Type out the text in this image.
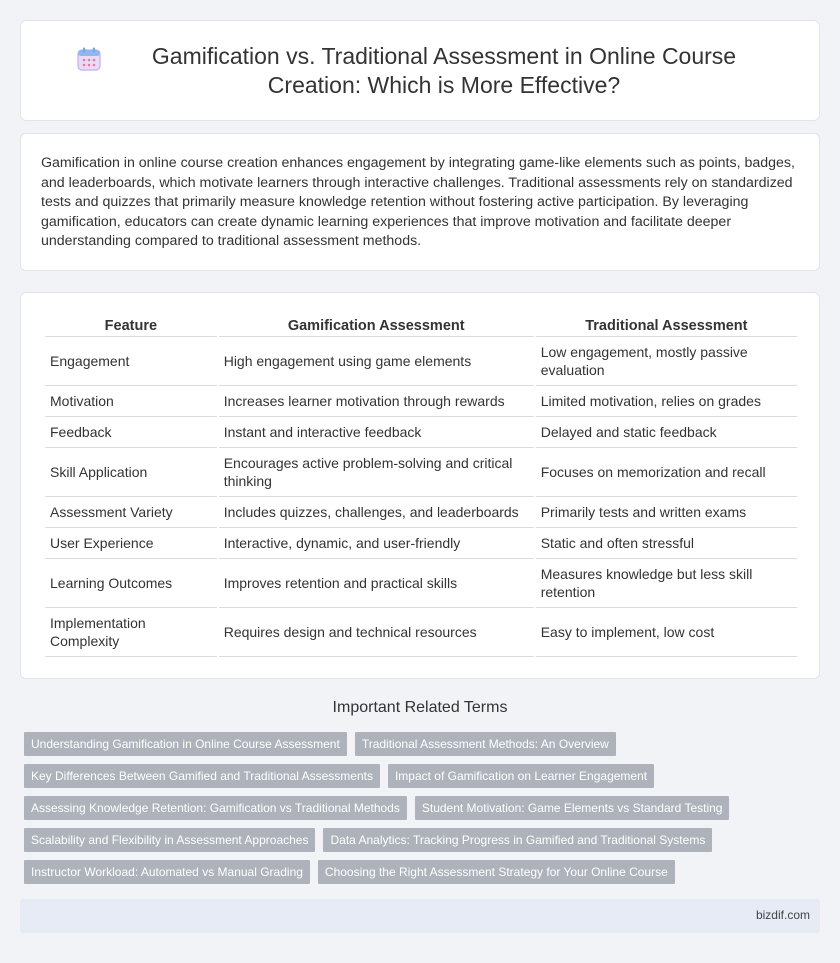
Gamification vs. Traditional Assessment in Online Course Creation: Which is More Effective?

Gamification in online course creation enhances engagement by integrating game-like elements such as points, badges, and leaderboards, which motivate learners through interactive challenges. Traditional assessments rely on standardized tests and quizzes that primarily measure knowledge retention without fostering active participation. By leveraging gamification, educators can create dynamic learning experiences that improve motivation and facilitate deeper understanding compared to traditional assessment methods.

Feature	Gamification Assessment	Traditional Assessment
Engagement	High engagement using game elements	Low engagement, mostly passive evaluation
Motivation	Increases learner motivation through rewards	Limited motivation, relies on grades
Feedback	Instant and interactive feedback	Delayed and static feedback
Skill Application	Encourages active problem-solving and critical thinking	Focuses on memorization and recall
Assessment Variety	Includes quizzes, challenges, and leaderboards	Primarily tests and written exams
User Experience	Interactive, dynamic, and user-friendly	Static and often stressful
Learning Outcomes	Improves retention and practical skills	Measures knowledge but less skill retention
Implementation Complexity	Requires design and technical resources	Easy to implement, low cost
Important Related Terms
Understanding Gamification in Online Course Assessment	Traditional Assessment Methods: An Overview
Key Differences Between Gamified and Traditional Assessments	Impact of Gamification on Learner Engagement
Assessing Knowledge Retention: Gamification vs Traditional Methods	Student Motivation: Game Elements vs Standard Testing
Scalability and Flexibility in Assessment Approaches	Data Analytics: Tracking Progress in Gamified and Traditional Systems
Instructor Workload: Automated vs Manual Grading	Choosing the Right Assessment Strategy for Your Online Course
bizdif.com
